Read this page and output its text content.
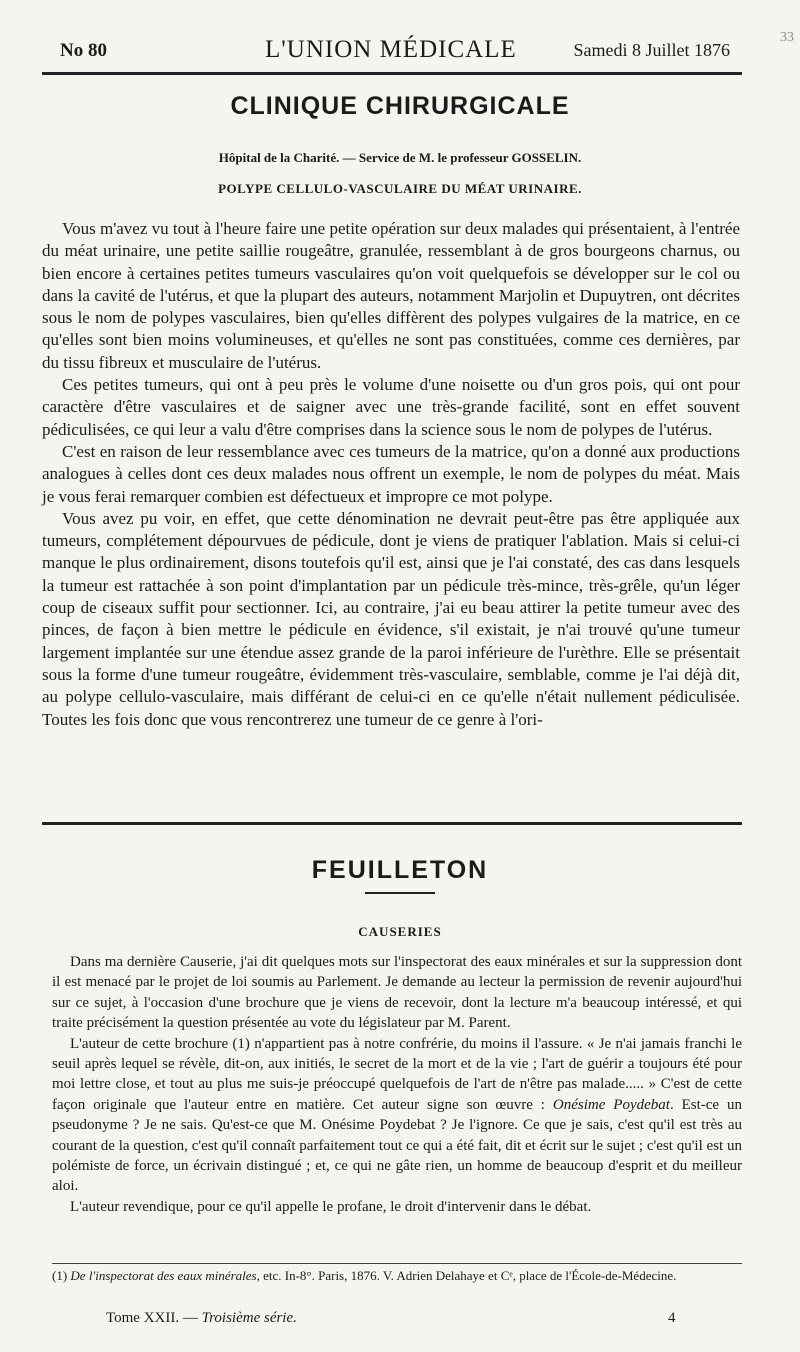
No 80	L'UNION MÉDICALE	Samedi 8 Juillet 1876
33
CLINIQUE CHIRURGICALE
Hôpital de la Charité. — Service de M. le professeur GOSSELIN.
POLYPE CELLULO-VASCULAIRE DU MÉAT URINAIRE.

Vous m'avez vu tout à l'heure faire une petite opération sur deux malades qui présentaient, à l'entrée du méat urinaire, une petite saillie rougeâtre, granulée, ressemblant à de gros bourgeons charnus, ou bien encore à certaines petites tumeurs vasculaires qu'on voit quelquefois se développer sur le col ou dans la cavité de l'utérus, et que la plupart des auteurs, notamment Marjolin et Dupuytren, ont décrites sous le nom de polypes vasculaires, bien qu'elles diffèrent des polypes vulgaires de la matrice, en ce qu'elles sont bien moins volumineuses, et qu'elles ne sont pas constituées, comme ces dernières, par du tissu fibreux et musculaire de l'utérus.

Ces petites tumeurs, qui ont à peu près le volume d'une noisette ou d'un gros pois, qui ont pour caractère d'être vasculaires et de saigner avec une très-grande facilité, sont en effet souvent pédiculisées, ce qui leur a valu d'être comprises dans la science sous le nom de polypes de l'utérus.

C'est en raison de leur ressemblance avec ces tumeurs de la matrice, qu'on a donné aux productions analogues à celles dont ces deux malades nous offrent un exemple, le nom de polypes du méat. Mais je vous ferai remarquer combien est défectueux et impropre ce mot polype.

Vous avez pu voir, en effet, que cette dénomination ne devrait peut-être pas être appliquée aux tumeurs, complétement dépourvues de pédicule, dont je viens de pratiquer l'ablation. Mais si celui-ci manque le plus ordinairement, disons toutefois qu'il est, ainsi que je l'ai constaté, des cas dans lesquels la tumeur est rattachée à son point d'implantation par un pédicule très-mince, très-grêle, qu'un léger coup de ciseaux suffit pour sectionner. Ici, au contraire, j'ai eu beau attirer la petite tumeur avec des pinces, de façon à bien mettre le pédicule en évidence, s'il existait, je n'ai trouvé qu'une tumeur largement implantée sur une étendue assez grande de la paroi inférieure de l'urèthre. Elle se présentait sous la forme d'une tumeur rougeâtre, évidemment très-vasculaire, semblable, comme je l'ai déjà dit, au polype cellulo-vasculaire, mais différant de celui-ci en ce qu'elle n'était nullement pédiculisée. Toutes les fois donc que vous rencontrerez une tumeur de ce genre à l'ori-

FEUILLETON
CAUSERIES

Dans ma dernière Causerie, j'ai dit quelques mots sur l'inspectorat des eaux minérales et sur la suppression dont il est menacé par le projet de loi soumis au Parlement. Je demande au lecteur la permission de revenir aujourd'hui sur ce sujet, à l'occasion d'une brochure que je viens de recevoir, dont la lecture m'a beaucoup intéressé, et qui traite précisément la question présentée au vote du législateur par M. Parent.

L'auteur de cette brochure (1) n'appartient pas à notre confrérie, du moins il l'assure. « Je n'ai jamais franchi le seuil après lequel se révèle, dit-on, aux initiés, le secret de la mort et de la vie ; l'art de guérir a toujours été pour moi lettre close, et tout au plus me suis-je préoccupé quelquefois de l'art de n'être pas malade..... » C'est de cette façon originale que l'auteur entre en matière. Cet auteur signe son œuvre : Onésime Poydebat. Est-ce un pseudonyme ? Je ne sais. Qu'est-ce que M. Onésime Poydebat ? Je l'ignore. Ce que je sais, c'est qu'il est très au courant de la question, c'est qu'il connaît parfaitement tout ce qui a été fait, dit et écrit sur le sujet ; c'est qu'il est un polémiste de force, un écrivain distingué ; et, ce qui ne gâte rien, un homme de beaucoup d'esprit et du meilleur aloi.

L'auteur revendique, pour ce qu'il appelle le profane, le droit d'intervenir dans le débat.

(1) De l'inspectorat des eaux minérales, etc. In-8°. Paris, 1876. V. Adrien Delahaye et Cᵉ, place de l'École-de-Médecine.
Tome XXII. — Troisième série.	4
